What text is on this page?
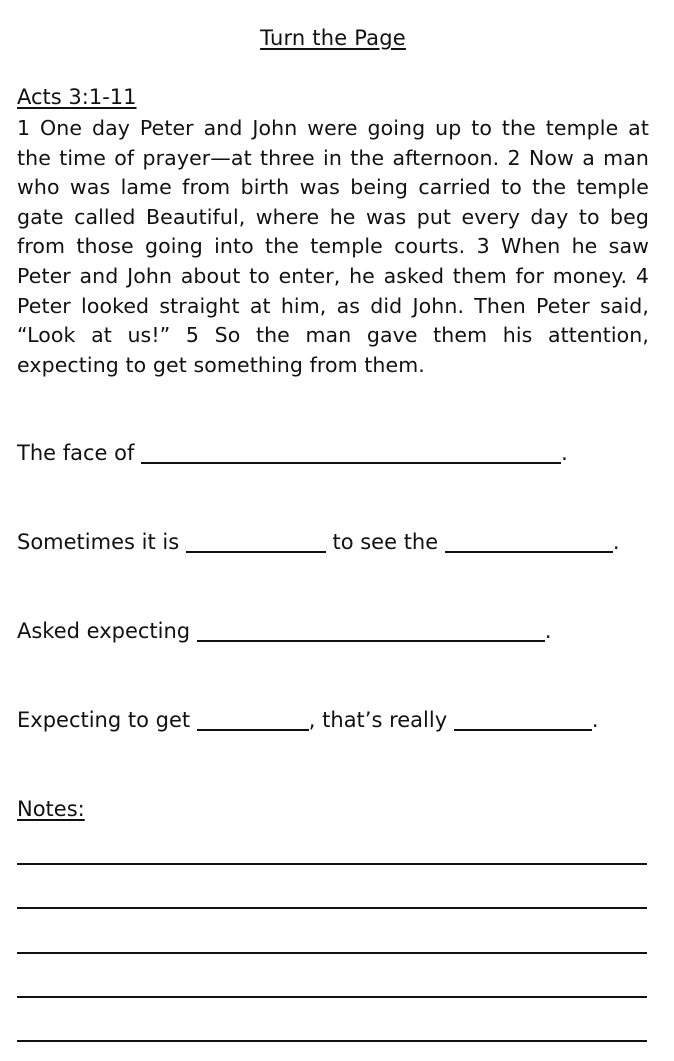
Turn the Page
Acts 3:1-11
1 One day Peter and John were going up to the temple at the time of prayer—at three in the afternoon. 2 Now a man who was lame from birth was being carried to the temple gate called Beautiful, where he was put every day to beg from those going into the temple courts. 3 When he saw Peter and John about to enter, he asked them for money. 4 Peter looked straight at him, as did John. Then Peter said, “Look at us!” 5 So the man gave them his attention, expecting to get something from them.
The face of	.
Sometimes it is	to see the	.
Asked expecting	.
Expecting to get	, that’s really	.
Notes:
